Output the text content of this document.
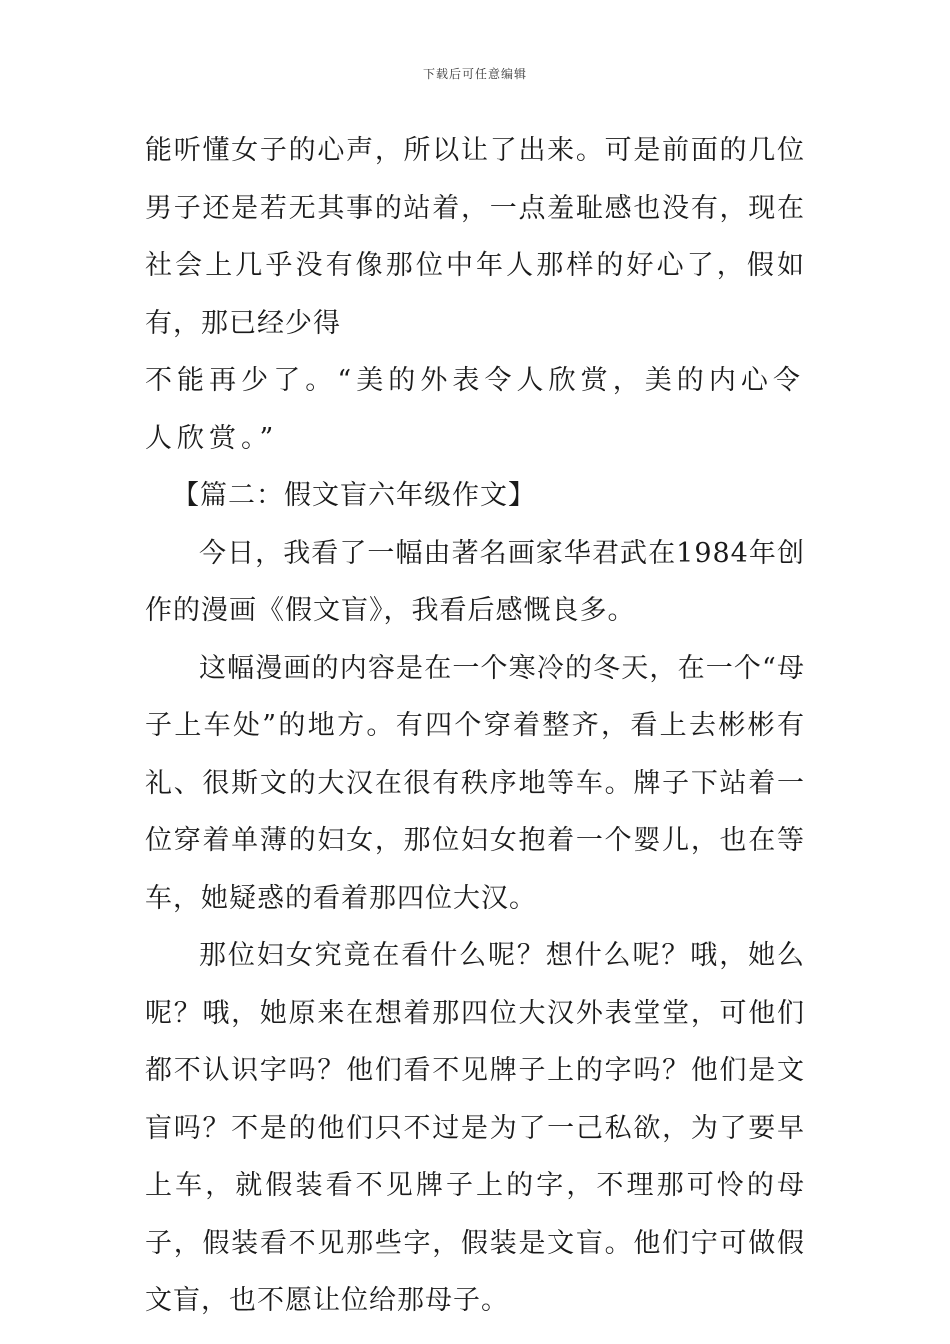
下载后可任意编辑

能听懂女子的心声，所以让了出来。可是前面的几位男子还是若无其事的站着，一点羞耻感也没有，现在社会上几乎没有像那位中年人那样的好心了，假如有，那已经少得

不能再少了。“美的外表令人欣赏，美的内心令人欣赏。”

【篇二：假文盲六年级作文】

今日，我看了一幅由著名画家华君武在1984年创作的漫画《假文盲》，我看后感慨良多。

这幅漫画的内容是在一个寒冷的冬天，在一个“母子上车处”的地方。有四个穿着整齐，看上去彬彬有礼、很斯文的大汉在很有秩序地等车。牌子下站着一位穿着单薄的妇女，那位妇女抱着一个婴儿，也在等车，她疑惑的看着那四位大汉。

那位妇女究竟在看什么呢？想什么呢？哦，她么呢？哦，她原来在想着那四位大汉外表堂堂，可他们都不认识字吗？他们看不见牌子上的字吗？他们是文盲吗？不是的他们只不过是为了一己私欲，为了要早上车，就假装看不见牌子上的字，不理那可怜的母子，假装看不见那些字，假装是文盲。他们宁可做假文盲，也不愿让位给那母子。
